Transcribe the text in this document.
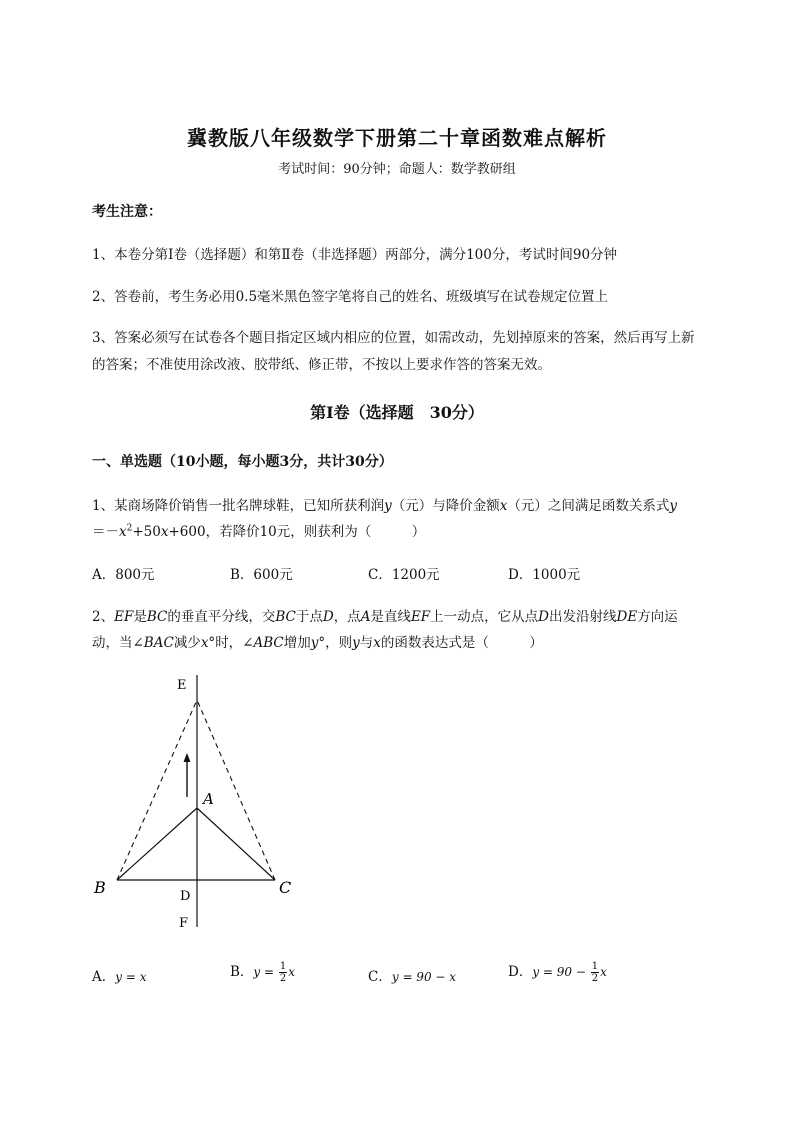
冀教版八年级数学下册第二十章函数难点解析
考试时间：90分钟；命题人：数学教研组
考生注意：
1、本卷分第Ⅰ卷（选择题）和第Ⅱ卷（非选择题）两部分，满分100分，考试时间90分钟
2、答卷前，考生务必用0.5毫米黑色签字笔将自己的姓名、班级填写在试卷规定位置上
3、答案必须写在试卷各个题目指定区域内相应的位置，如需改动，先划掉原来的答案，然后再写上新
的答案；不准使用涂改液、胶带纸、修正带，不按以上要求作答的答案无效。
第Ⅰ卷（选择题　30分）
一、单选题（10小题，每小题3分，共计30分）
1、某商场降价销售一批名牌球鞋，已知所获利润y（元）与降价金额x（元）之间满足函数关系式y
$=-x^2+50x+600$，若降价10元，则获利为（　　　）
A．800元	B．600元	C．1200元	D．1000元
2、EF是BC的垂直平分线，交BC于点D，点A是直线EF上一动点，它从点D出发沿射线DE方向运
动，当∠BAC减少x°时，∠ABC增加y°，则y与x的函数表达式是（　　　）
E
A
B	C
D
F
A．y = x	B．$y = \frac{1}{2}$ x	C．y = 90 − x	D．$y = 90 - \frac{1}{2}$ x
